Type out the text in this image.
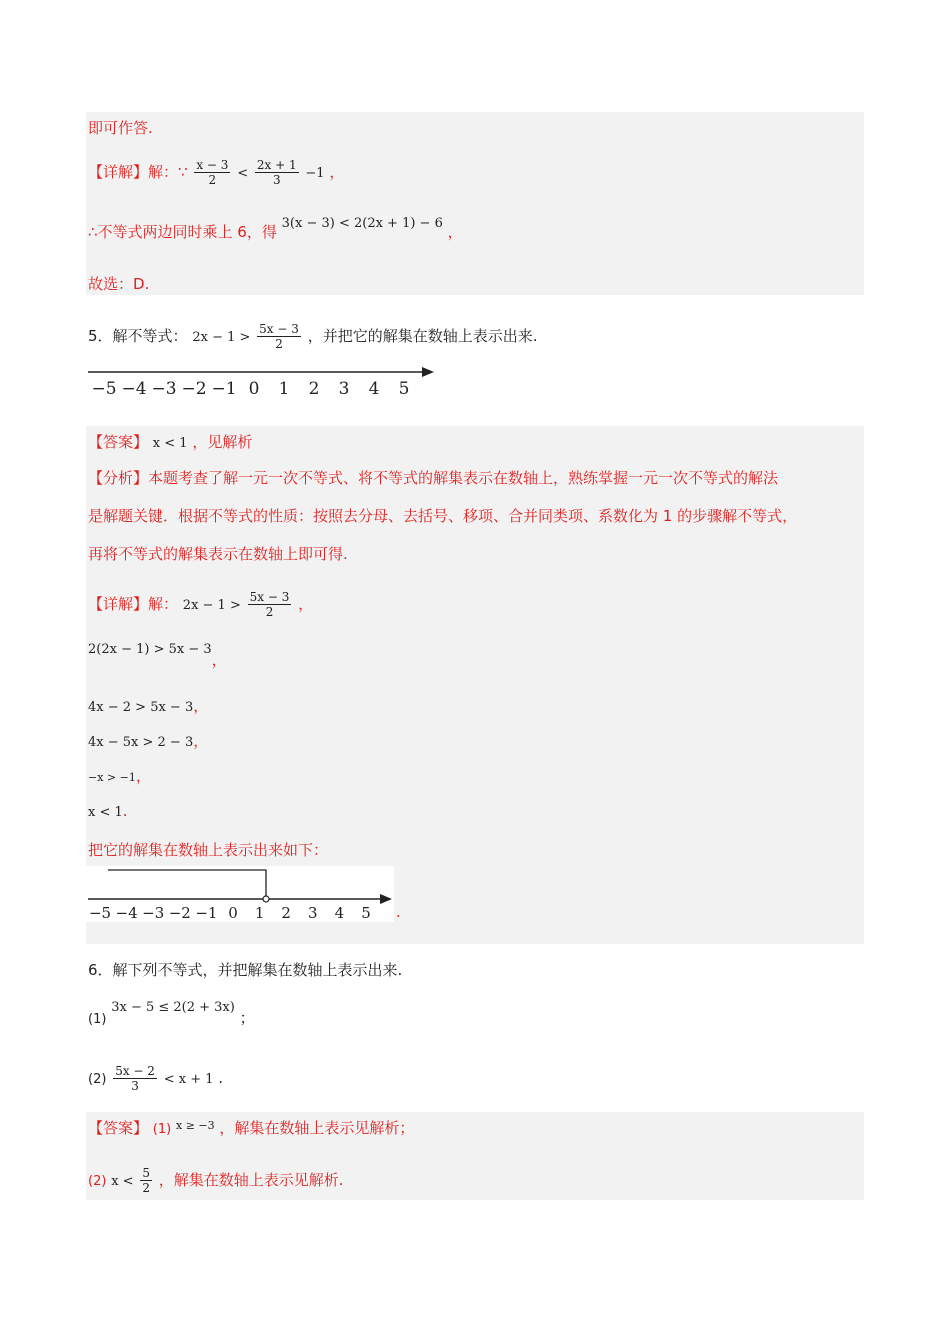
即可作答.
【详解】解：∵ $\frac{x - 3}{2} < \frac{2x + 1}{3} -1$ ，
∴不等式两边同时乘上 6，得 3(x − 3) < 2(2x + 1) − 6 ，
故选：D.
5．解不等式： $2x - 1 > \frac{5x - 3}{2}$ ，并把它的解集在数轴上表示出来.
−5 −4 −3 −2 −1 0 1 2 3 4 5
【答案】 x < 1 ，见解析
【分析】本题考查了解一元一次不等式、将不等式的解集表示在数轴上，熟练掌握一元一次不等式的解法
是解题关键．根据不等式的性质：按照去分母、去括号、移项、合并同类项、系数化为 1 的步骤解不等式，
再将不等式的解集表示在数轴上即可得.
【详解】解： $2x - 1 > \frac{5x - 3}{2}$ ，
2(2x − 1) > 5x − 3，
4x − 2 > 5x − 3，
4x − 5x > 2 − 3，
−x > −1，
x < 1.
把它的解集在数轴上表示出来如下：
−5 −4 −3 −2 −1 0 1 2 3 4 5 .
6．解下列不等式，并把解集在数轴上表示出来.
(1) 3x − 5 ≤ 2(2 + 3x) ；
$(2) \frac{5x - 2}{3} < x + 1$ .
【答案】 (1) $^{x \ge -3}$ ，解集在数轴上表示见解析；
(2) $x < \frac{5}{2}$ ，解集在数轴上表示见解析.
